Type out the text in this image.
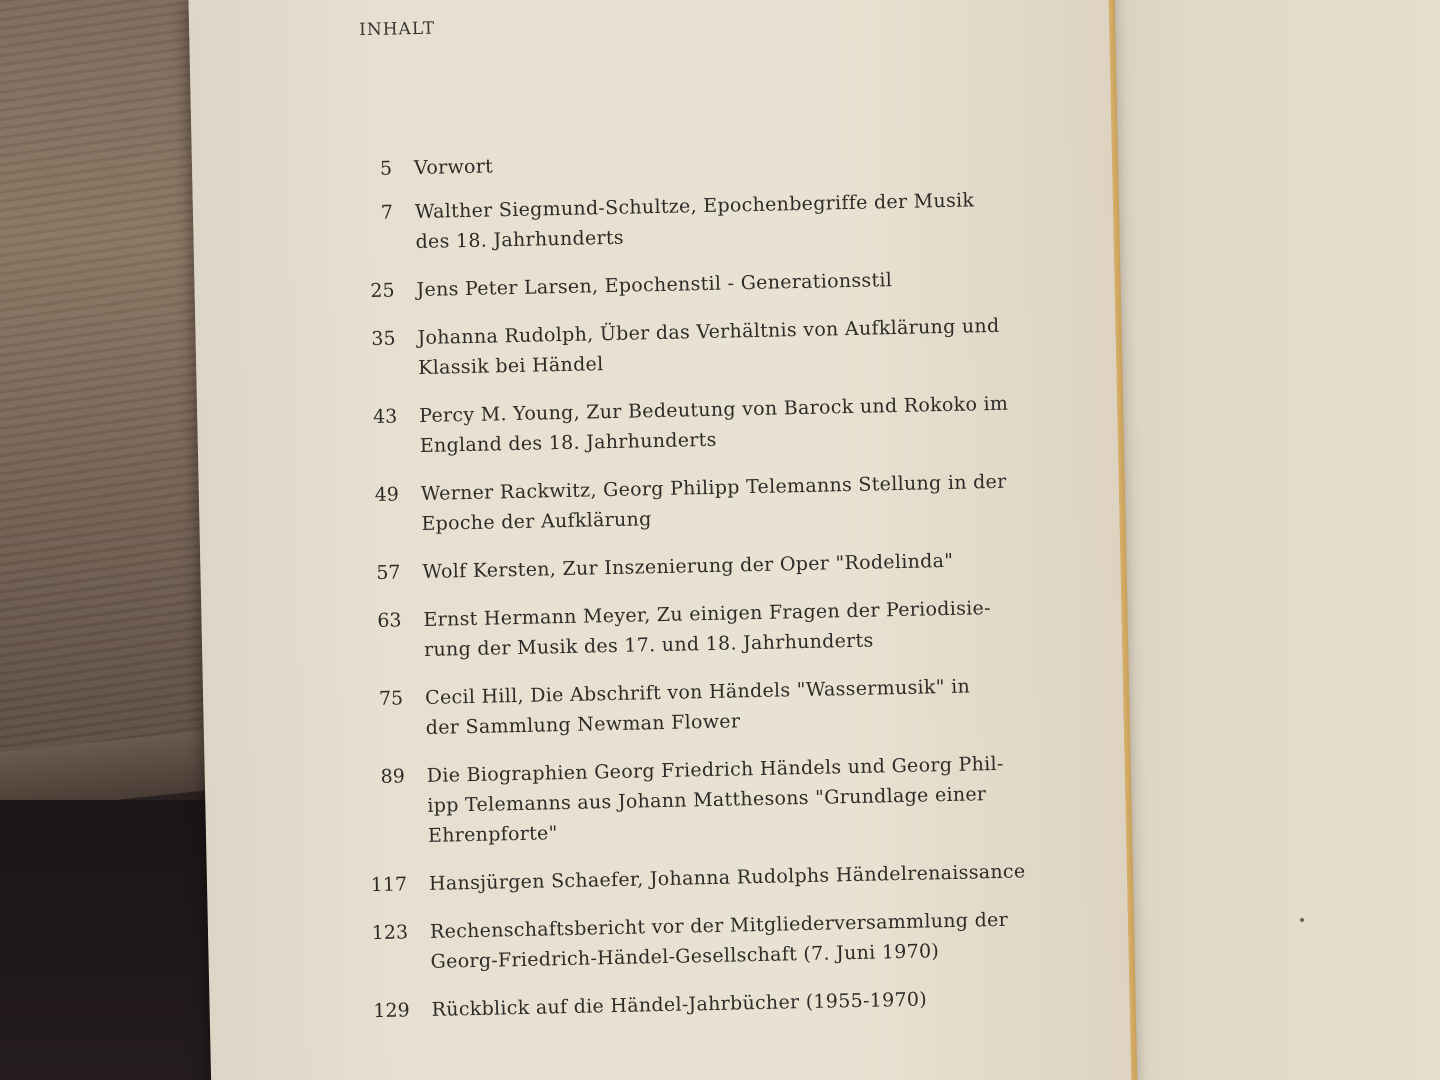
INHALT
5	Vorwort
7	Walther Siegmund-Schultze, Epochenbegriffe der Musik
des 18. Jahrhunderts
25	Jens Peter Larsen, Epochenstil - Generationsstil
35	Johanna Rudolph, Über das Verhältnis von Aufklärung und
Klassik bei Händel
43	Percy M. Young, Zur Bedeutung von Barock und Rokoko im
England des 18. Jahrhunderts
49	Werner Rackwitz, Georg Philipp Telemanns Stellung in der
Epoche der Aufklärung
57	Wolf Kersten, Zur Inszenierung der Oper "Rodelinda"
63	Ernst Hermann Meyer, Zu einigen Fragen der Periodisie-
rung der Musik des 17. und 18. Jahrhunderts
75	Cecil Hill, Die Abschrift von Händels "Wassermusik" in
der Sammlung Newman Flower
89	Die Biographien Georg Friedrich Händels und Georg Phil-
ipp Telemanns aus Johann Matthesons "Grundlage einer
Ehrenpforte"
117	Hansjürgen Schaefer, Johanna Rudolphs Händelrenaissance
123	Rechenschaftsbericht vor der Mitgliederversammlung der
Georg-Friedrich-Händel-Gesellschaft (7. Juni 1970)
129	Rückblick auf die Händel-Jahrbücher (1955-1970)
